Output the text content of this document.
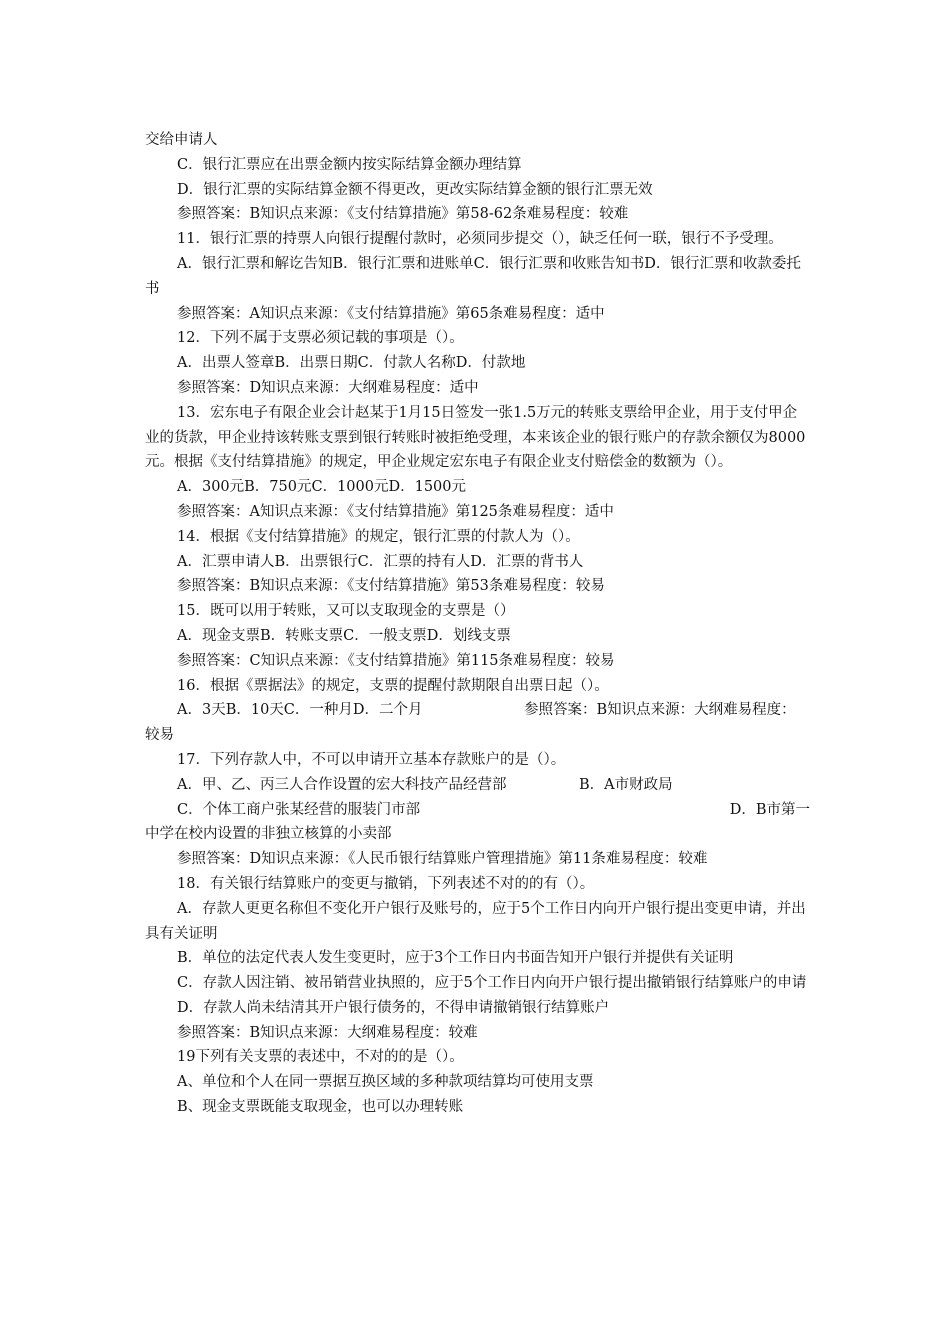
交给申请人

C．银行汇票应在出票金额内按实际结算金额办理结算

D．银行汇票的实际结算金额不得更改，更改实际结算金额的银行汇票无效

参照答案：B知识点来源：《支付结算措施》第58-62条难易程度：较难

11．银行汇票的持票人向银行提醒付款时，必须同步提交（），缺乏任何一联，银行不予受理。

A．银行汇票和解讫告知B．银行汇票和进账单C．银行汇票和收账告知书D．银行汇票和收款委托书

参照答案：A知识点来源：《支付结算措施》第65条难易程度：适中

12．下列不属于支票必须记载的事项是（）。

A．出票人签章B．出票日期C．付款人名称D．付款地

参照答案：D知识点来源：大纲难易程度：适中

13．宏东电子有限企业会计赵某于1月15日签发一张1.5万元的转账支票给甲企业，用于支付甲企业的货款，甲企业持该转账支票到银行转账时被拒绝受理，本来该企业的银行账户的存款余额仅为8000元。根据《支付结算措施》的规定，甲企业规定宏东电子有限企业支付赔偿金的数额为（）。

A．300元B．750元C．1000元D．1500元

参照答案：A知识点来源：《支付结算措施》第125条难易程度：适中

14．根据《支付结算措施》的规定，银行汇票的付款人为（）。

A．汇票申请人B．出票银行C．汇票的持有人D．汇票的背书人

参照答案：B知识点来源：《支付结算措施》第53条难易程度：较易

15．既可以用于转账，又可以支取现金的支票是（）

A．现金支票B．转账支票C．一般支票D．划线支票

参照答案：C知识点来源：《支付结算措施》第115条难易程度：较易

16．根据《票据法》的规定，支票的提醒付款期限自出票日起（）。

A．3天B．10天C．一种月D．二个月　　　　　　　参照答案：B知识点来源：大纲难易程度：较易

17．下列存款人中，不可以申请开立基本存款账户的是（）。

A．甲、乙、丙三人合作设置的宏大科技产品经营部　　　　　B．A市财政局

C．个体工商户张某经营的服装门市部	D．B市第一

中学在校内设置的非独立核算的小卖部

参照答案：D知识点来源：《人民币银行结算账户管理措施》第11条难易程度：较难

18．有关银行结算账户的变更与撤销，下列表述不对的的有（）。

A．存款人更更名称但不变化开户银行及账号的，应于5个工作日内向开户银行提出变更申请，并出具有关证明

B．单位的法定代表人发生变更时，应于3个工作日内书面告知开户银行并提供有关证明

C．存款人因注销、被吊销营业执照的，应于5个工作日内向开户银行提出撤销银行结算账户的申请

D．存款人尚未结清其开户银行债务的，不得申请撤销银行结算账户

参照答案：B知识点来源：大纲难易程度：较难

19下列有关支票的表述中，不对的的是（）。

A、单位和个人在同一票据互换区域的多种款项结算均可使用支票

B、现金支票既能支取现金，也可以办理转账
